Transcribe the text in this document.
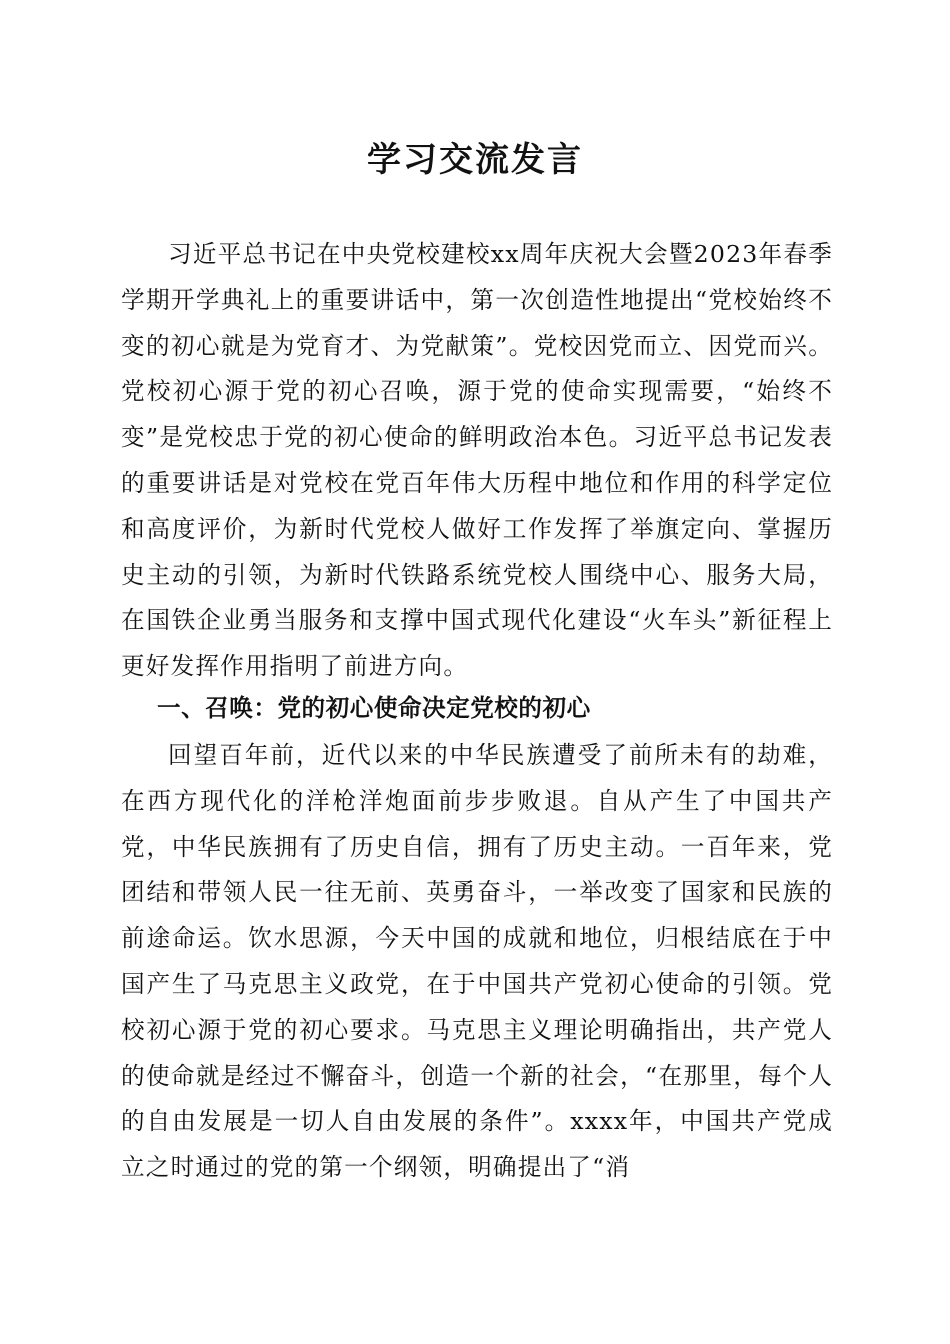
学习交流发言

习近平总书记在中央党校建校xx周年庆祝大会暨2023年春季学期开学典礼上的重要讲话中，第一次创造性地提出“党校始终不变的初心就是为党育才、为党献策”。党校因党而立、因党而兴。党校初心源于党的初心召唤，源于党的使命实现需要，“始终不变”是党校忠于党的初心使命的鲜明政治本色。习近平总书记发表的重要讲话是对党校在党百年伟大历程中地位和作用的科学定位和高度评价，为新时代党校人做好工作发挥了举旗定向、掌握历史主动的引领，为新时代铁路系统党校人围绕中心、服务大局，在国铁企业勇当服务和支撑中国式现代化建设“火车头”新征程上更好发挥作用指明了前进方向。

一、召唤：党的初心使命决定党校的初心

回望百年前，近代以来的中华民族遭受了前所未有的劫难，在西方现代化的洋枪洋炮面前步步败退。自从产生了中国共产党，中华民族拥有了历史自信，拥有了历史主动。一百年来，党团结和带领人民一往无前、英勇奋斗，一举改变了国家和民族的前途命运。饮水思源，今天中国的成就和地位，归根结底在于中国产生了马克思主义政党，在于中国共产党初心使命的引领。党校初心源于党的初心要求。马克思主义理论明确指出，共产党人的使命就是经过不懈奋斗，创造一个新的社会，“在那里，每个人的自由发展是一切人自由发展的条件”。xxxx年，中国共产党成立之时通过的党的第一个纲领，明确提出了“消
